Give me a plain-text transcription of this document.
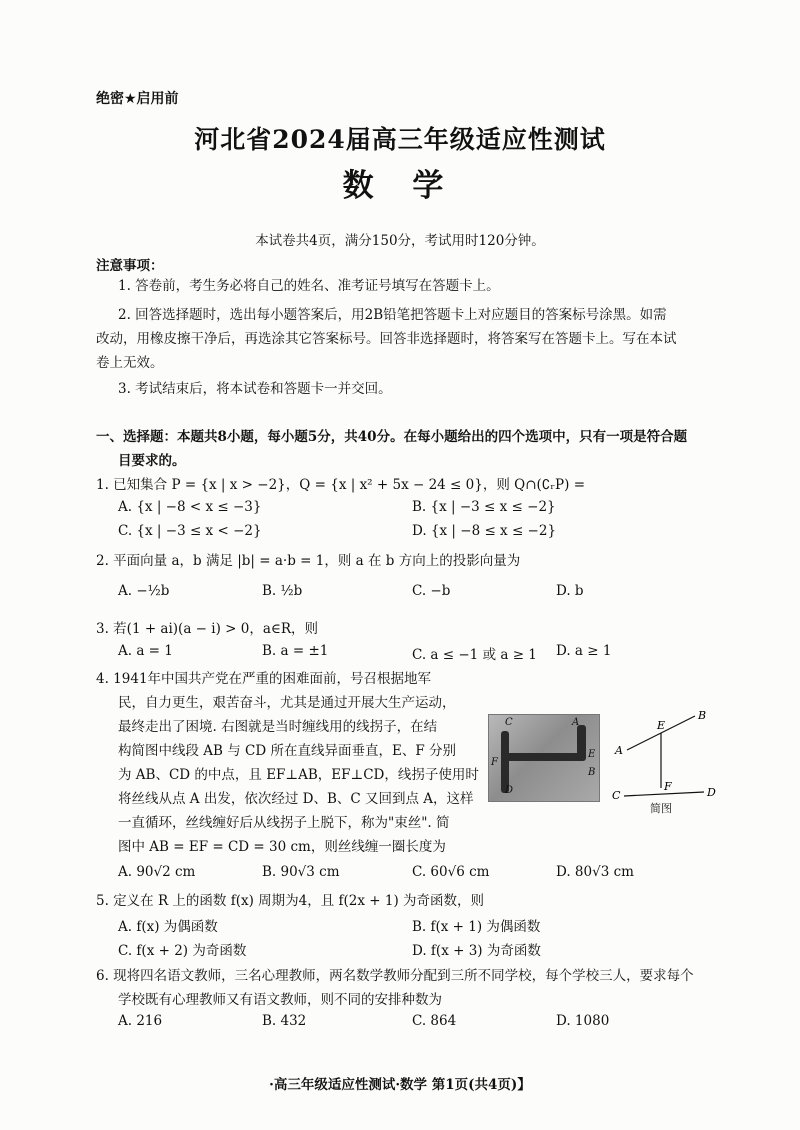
绝密★启用前
河北省2024届高三年级适应性测试
数 学
本试卷共4页，满分150分，考试用时120分钟。
注意事项：
1. 答卷前，考生务必将自己的姓名、准考证号填写在答题卡上。
2. 回答选择题时，选出每小题答案后，用2B铅笔把答题卡上对应题目的答案标号涂黑。如需
改动，用橡皮擦干净后，再选涂其它答案标号。回答非选择题时，将答案写在答题卡上。写在本试
卷上无效。
3. 考试结束后，将本试卷和答题卡一并交回。
一、选择题：本题共8小题，每小题5分，共40分。在每小题给出的四个选项中，只有一项是符合题
目要求的。
1. 已知集合 P = {x | x > −2}，Q = {x | x² + 5x − 24 ≤ 0}，则 Q∩(∁ᵣP) =
A. {x | −8 < x ≤ −3}	B. {x | −3 ≤ x ≤ −2}
C. {x | −3 ≤ x < −2}	D. {x | −8 ≤ x ≤ −2}
2. 平面向量 a，b 满足 |b| = a·b = 1，则 a 在 b 方向上的投影向量为
A. −½b	B. ½b	C. −b	D. b
3. 若(1 + ai)(a − i) > 0，a∈R，则
A. a = 1	B. a = ±1	C. a ≤ −1 或 a ≥ 1 D. a ≥ 1
4. 1941年中国共产党在严重的困难面前，号召根据地军
民，自力更生，艰苦奋斗，尤其是通过开展大生产运动，
最终走出了困境. 右图就是当时缠线用的线拐子，在结
构简图中线段 AB 与 CD 所在直线异面垂直，E、F 分别
为 AB、CD 的中点，且 EF⊥AB，EF⊥CD，线拐子使用时
将丝线从点 A 出发，依次经过 D、B、C 又回到点 A，这样
一直循环，丝线缠好后从线拐子上脱下，称为"束丝". 简
图中 AB = EF = CD = 30 cm，则丝线缠一圈长度为
C	A
F
E
B
D
A
B
E
F
C	D
简图
A. 90√2 cm	B. 90√3 cm	C. 60√6 cm	D. 80√3 cm
5. 定义在 R 上的函数 f(x) 周期为4，且 f(2x + 1) 为奇函数，则
A. f(x) 为偶函数	B. f(x + 1) 为偶函数
C. f(x + 2) 为奇函数	D. f(x + 3) 为奇函数
6. 现将四名语文教师，三名心理教师，两名数学教师分配到三所不同学校，每个学校三人，要求每个
学校既有心理教师又有语文教师，则不同的安排种数为
A. 216	B. 432	C. 864	D. 1080
·高三年级适应性测试·数学 第1页(共4页)】
